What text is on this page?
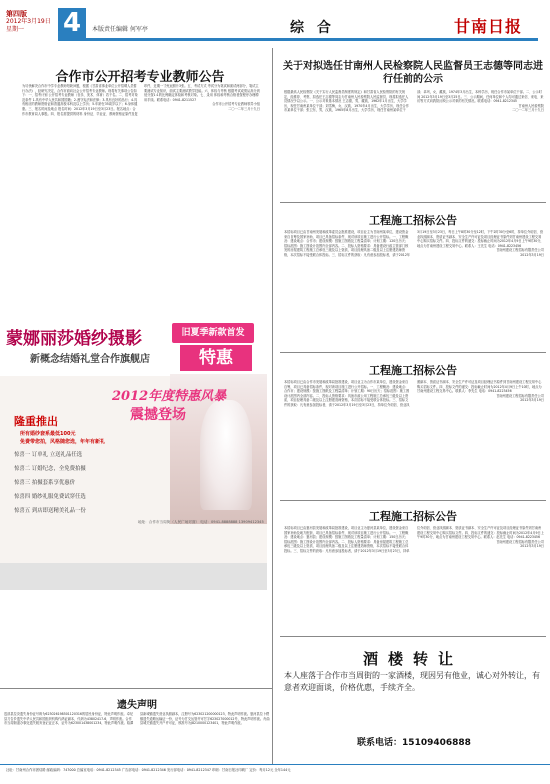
第四版
2012年3月19日
星期一	4	本版责任编辑 何军亭	综 合	甘南日报
合作市公开招考专业教师公告

为尽快解决合作市中学专业教师短缺问题，根据《甘肃省事业单位公开招聘人员暂行办法》，经研究决定，合作市面向社会公开招考专业教师。现将有关事项公告如下：一、招考计划 公开招考专业教师（音乐、美术、体育）若干名。二、招考对象及条件 1.具有中华人民共和国国籍；2.遵守宪法和法律；3.具有良好的品行；4.具有相应的教师资格证和普通高校本科及以上学历；5.年龄在35周岁以下；6.身体健康。三、报名时间及地点 报名时间：2012年3月19日至3月23日。报名地点：合作市教育局人事股。四、报名需提供的材料 身份证、毕业证、教师资格证原件及复印件，近期一寸免冠照片3张。五、考试方式 考试分为笔试和面试两部分，笔试主要测试专业知识，面试主要测试教学技能。六、体检与考核 根据考试成绩从高分到低分按1:1的比例确定体检和考核对象。七、录用 体检和考核合格者按程序办理聘用手续。联系电话：0941-8211527

合作市公开招考专业教师领导小组

二〇一二年三月十九日

蒙娜丽莎婚纱摄影
新概念结婚礼堂合作旗舰店
旧夏季新款首发
特惠
2012年度特惠风暴
震撼登场
隆重推出
所有婚纱套系最低100元
免费带您拍，风格随您选，年年有新礼
惊喜一 订单礼 立送礼品任选
惊喜二 订婚纪念，全免费拍摄
惊喜三 拍摄套系享优惠价
惊喜四 婚纱礼服免费试穿任选
惊喜五 到店即送精美礼品一份
地址：合作市当周街（人民广场对面） 电话：0941-8888888 13909412345
遗失声明

迭部县拉央遗失身份证号码为623026198501120316的居民身份证，特此声明作废。卓尼县刀告乡遗失中华人民共和国组织机构代码证副本，代码为43802417-6，声明作废。合作市当周街道办事处遗失税务登记证正本，证号为623001438001234，特此声明作废。临潭县新城镇遗失营业执照副本，注册号为623021200000123，特此声明作废。夏河县拉卜楞镇遗失道路运输证一份，证号为甘交运管许可甘字623027000012号，特此声明作废。舟曲县城关镇遗失开户许可证，核准号为J8210000123401，特此声明作废。

关于对拟选任甘南州人民检察院人民监督员王志德等同志进行任前的公示

根据最高人民检察院《关于实行人民监督员制度的规定》和甘肃省人民检察院的有关规定，经推荐、考察，拟选任王志德等同志为甘南州人民检察院人民监督员，现将拟选任人员情况予以公示。一、公示对象基本情况 王志德，男，藏族，1962年1月出生，大学学历，现任甘南州某单位干部；刘雪梅，女，汉族，1970年4月出生，大学学历，现任合作市某单位干部；张卫东，男，汉族，1965年8月出生，大学学历，现任甘南州某单位干部；卓玛，女，藏族，1974年3月出生，本科学历，现任合作市某单位干部。二、公示时间 2012年3月19日至3月25日。三、公示期间，任何单位和个人均可通过来信、来电、来访等方式向我院反映公示对象的有关情况。联系电话：0941-8212345

甘南州人民检察院

二〇一二年三月十九日

工程施工招标公告

本招标项目已由甘南州发展和改革委员会批准建设，项目业主为甘南州某单位，建设资金来自自筹及国家补助，项目已具备招标条件，现对该项目施工进行公开招标。一、工程概况：建设地点：合作市；建设规模：按施工图纸及工程量清单；计划工期：120日历天；招标范围：施工图设计范围内全部内容。二、投标人资格要求：具备建设行政主管部门核发的房屋建筑工程施工总承包三级及以上资质，项目经理具备二级及以上注册建造师资格，本次招标不接受联合体投标。三、招标文件的获取：凡有意参加投标者，请于2012年3月19日至3月23日，每日上午8时30分至12时，下午2时30分至6时，持单位介绍信、营业执照副本、资质证书副本、安全生产许可证及项目经理证书原件到甘南州建设工程交易中心购买招标文件。四、投标文件的递交：投标截止时间为2012年4月9日上午9时30分，地点为甘南州建设工程交易中心。联系人：王先生 电话：0941-8223456

甘南州建设工程招标有限责任公司

2012年3月19日

工程施工招标公告

本招标项目已由合作市发展和改革局批准建设，项目业主为合作市某单位，建设资金来自自筹，项目已具备招标条件，现对该项目施工进行公开招标。一、工程概况：建设地点：合作市；建设规模：按施工图纸及工程量清单；计划工期：90日历天；招标范围：施工图设计范围内全部内容。二、投标人资格要求：具备市政公用工程施工总承包三级及以上资质，项目经理具备二级及以上注册建造师资格，本次招标不接受联合体投标。三、招标文件的获取：凡有意参加投标者，请于2012年3月19日至3月23日，持单位介绍信、营业执照副本、资质证书副本、安全生产许可证及项目经理证书原件到甘南州建设工程交易中心购买招标文件。四、投标文件的递交：投标截止时间为2012年4月9日上午10时，地点为甘南州建设工程交易中心。联系人：李先生 电话：0941-8223456

甘南州建设工程招标有限责任公司

2012年3月19日

工程施工招标公告

本招标项目已由夏河县发展和改革局批准建设，项目业主为夏河县某单位，建设资金来自国家补助及地方配套，项目已具备招标条件，现对该项目施工进行公开招标。一、工程概况：建设地点：夏河县；建设规模：按施工图纸及工程量清单；计划工期：150日历天；招标范围：施工图设计范围内全部内容。二、投标人资格要求：具备房屋建筑工程施工总承包三级及以上资质，项目经理具备二级及以上注册建造师资格，本次招标不接受联合体投标。三、招标文件的获取：凡有意参加投标者，请于2012年3月19日至3月23日，持单位介绍信、营业执照副本、资质证书副本、安全生产许可证及项目经理证书原件到甘南州建设工程交易中心购买招标文件。四、投标文件的递交：投标截止时间为2012年4月9日上午9时30分，地点为甘南州建设工程交易中心。联系人：赵先生 电话：0941-8223456

甘南州建设工程招标有限责任公司

2012年3月19日

酒楼转让
本人座落于合作市当周街的一家酒楼，现因另有他业，诚心对外转让，有意者欢迎面谈，价格优惠，手续齐全。
联系电话：15109406888
社址：甘南州合作市团结路 邮政编码：747000 总编室电话：0941-8212345 广告部电话：0941-8212346 发行部电话：0941-8212347 印刷：甘南日报社印刷厂 定价：每月12元 全年144元
